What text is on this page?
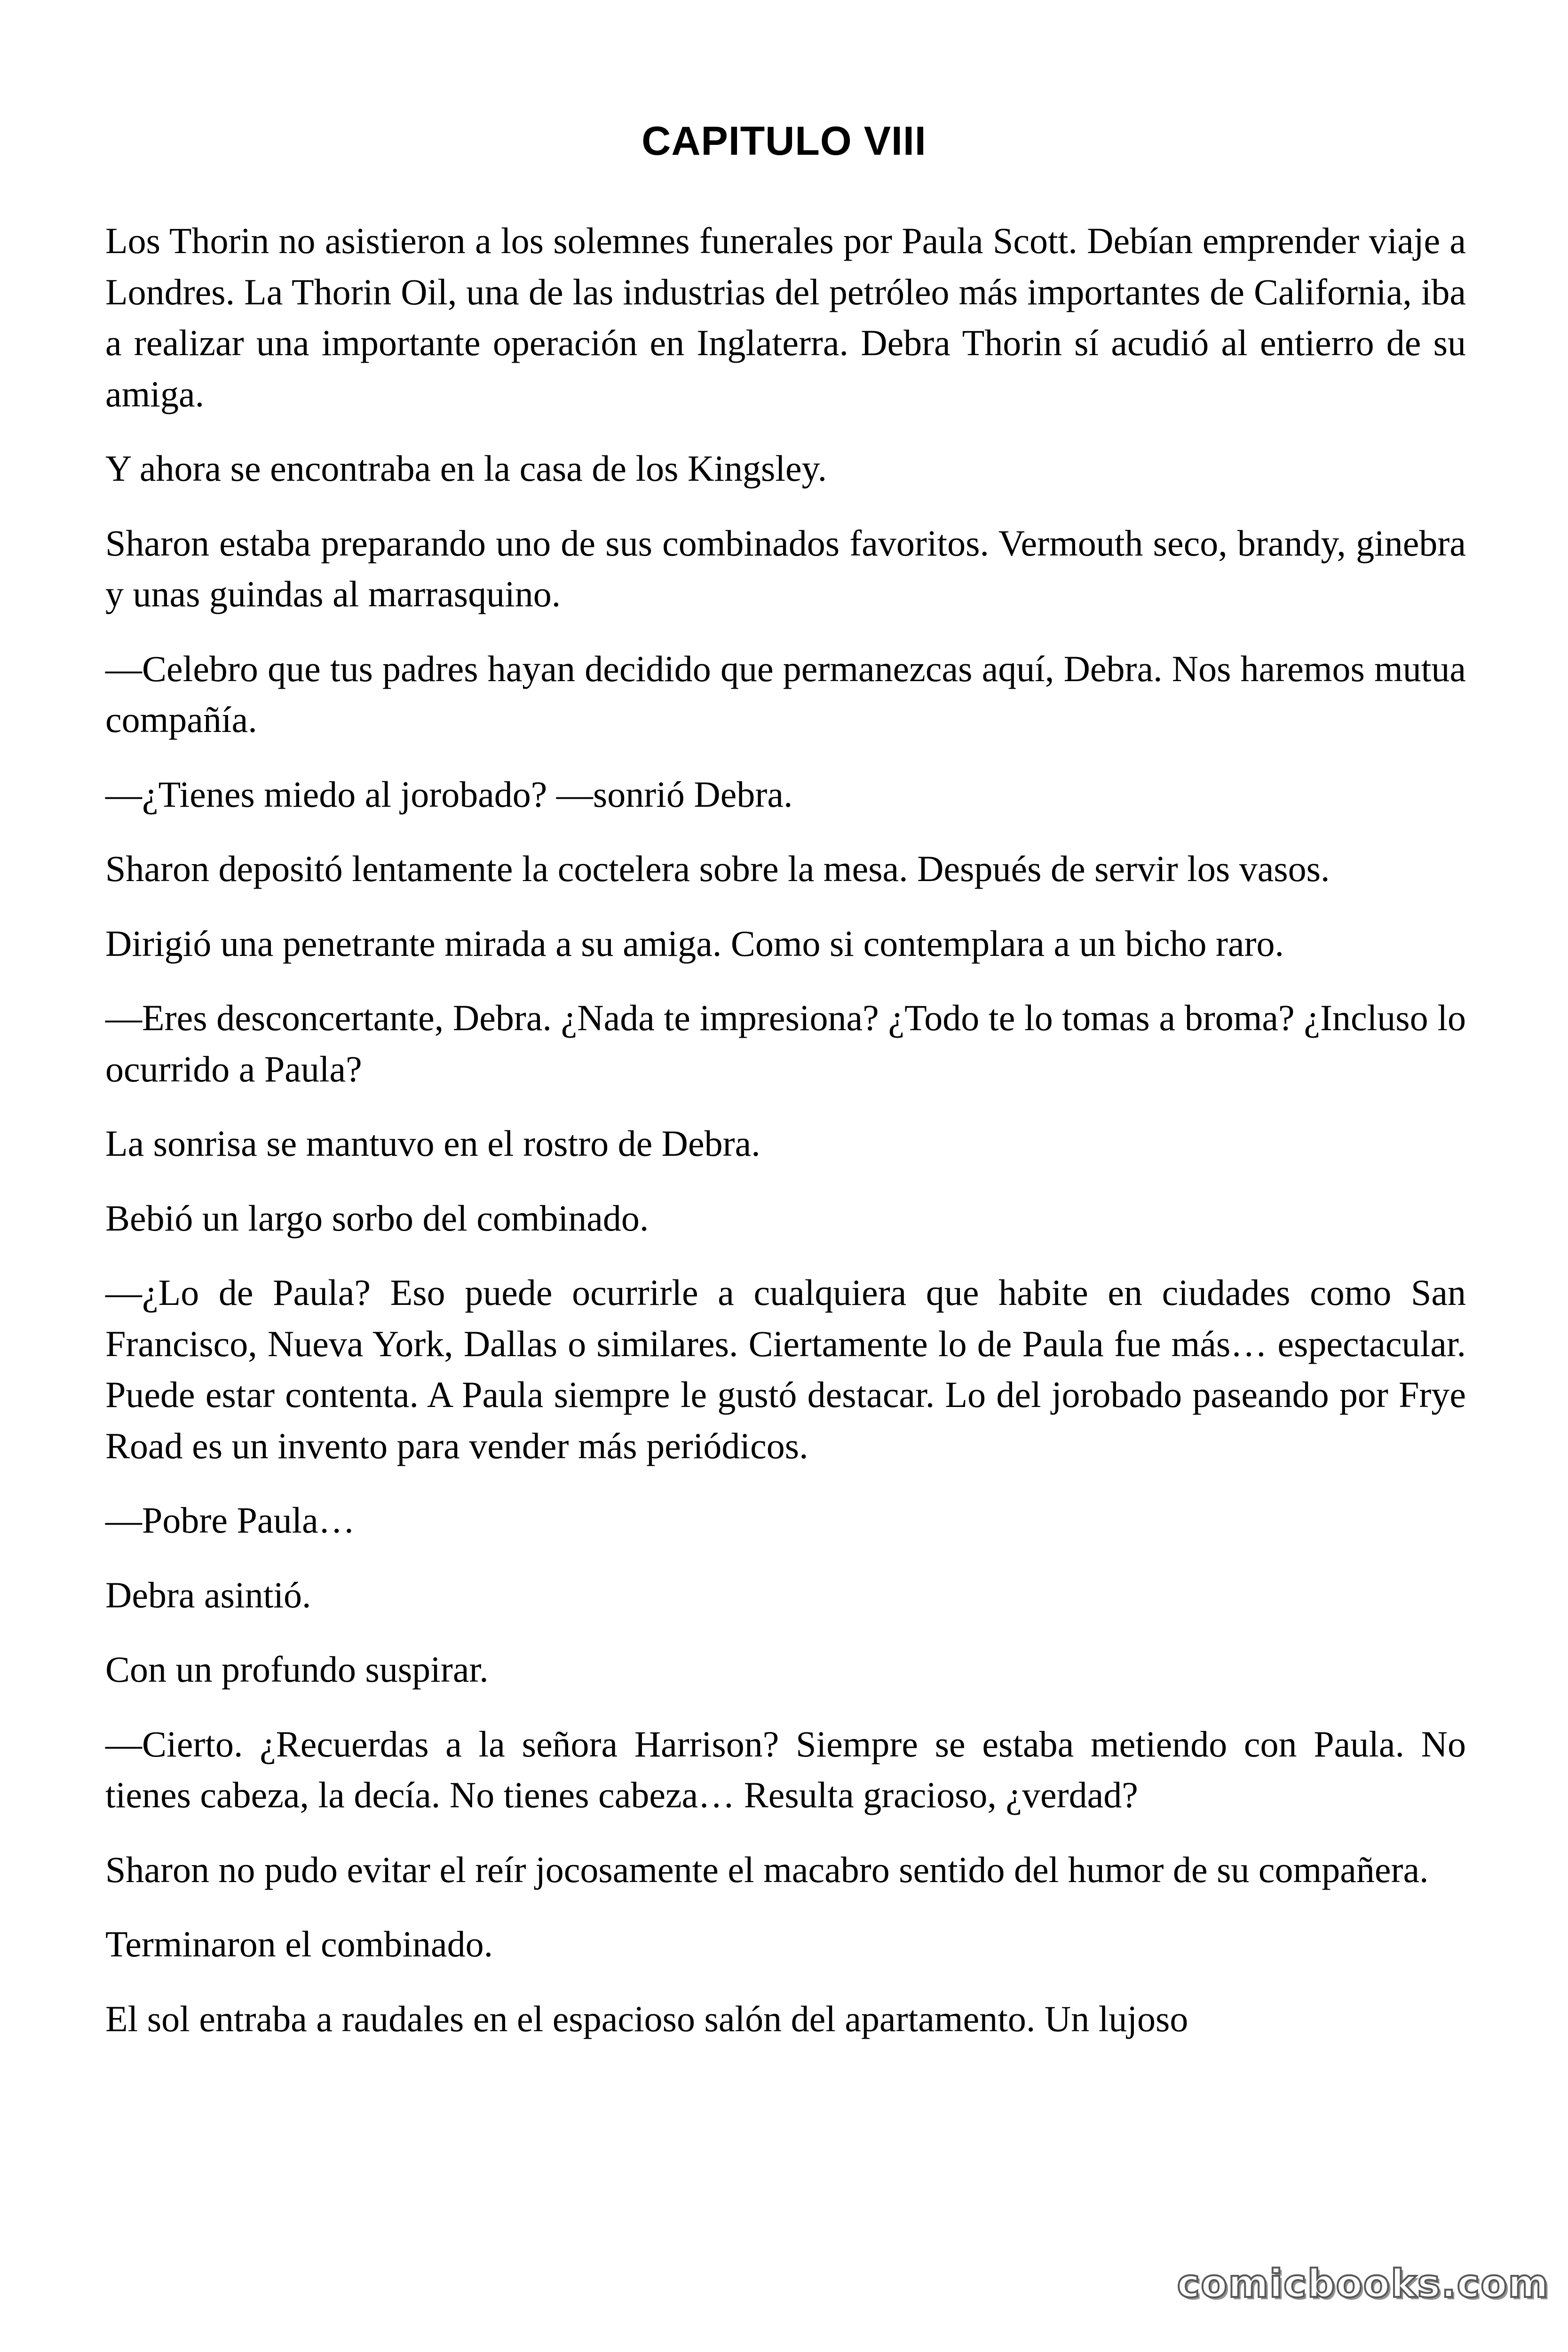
CAPITULO VIII

Los Thorin no asistieron a los solemnes funerales por Paula Scott. Debían emprender viaje a Londres. La Thorin Oil, una de las industrias del petróleo más importantes de California, iba a realizar una importante operación en Inglaterra. Debra Thorin sí acudió al entierro de su amiga.

Y ahora se encontraba en la casa de los Kingsley.

Sharon estaba preparando uno de sus combinados favoritos. Vermouth seco, brandy, ginebra y unas guindas al marrasquino.

—Celebro que tus padres hayan decidido que permanezcas aquí, Debra. Nos haremos mutua compañía.

—¿Tienes miedo al jorobado? —sonrió Debra.

Sharon depositó lentamente la coctelera sobre la mesa. Después de servir los vasos.

Dirigió una penetrante mirada a su amiga. Como si contemplara a un bicho raro.

—Eres desconcertante, Debra. ¿Nada te impresiona? ¿Todo te lo tomas a broma? ¿Incluso lo ocurrido a Paula?

La sonrisa se mantuvo en el rostro de Debra.

Bebió un largo sorbo del combinado.

—¿Lo de Paula? Eso puede ocurrirle a cualquiera que habite en ciudades como San Francisco, Nueva York, Dallas o similares. Ciertamente lo de Paula fue más… espectacular. Puede estar contenta. A Paula siempre le gustó destacar. Lo del jorobado paseando por Frye Road es un invento para vender más periódicos.

—Pobre Paula…

Debra asintió.

Con un profundo suspirar.

—Cierto. ¿Recuerdas a la señora Harrison? Siempre se estaba metiendo con Paula. No tienes cabeza, la decía. No tienes cabeza… Resulta gracioso, ¿verdad?

Sharon no pudo evitar el reír jocosamente el macabro sentido del humor de su compañera.

Terminaron el combinado.

El sol entraba a raudales en el espacioso salón del apartamento. Un lujoso

comicbooks.com
